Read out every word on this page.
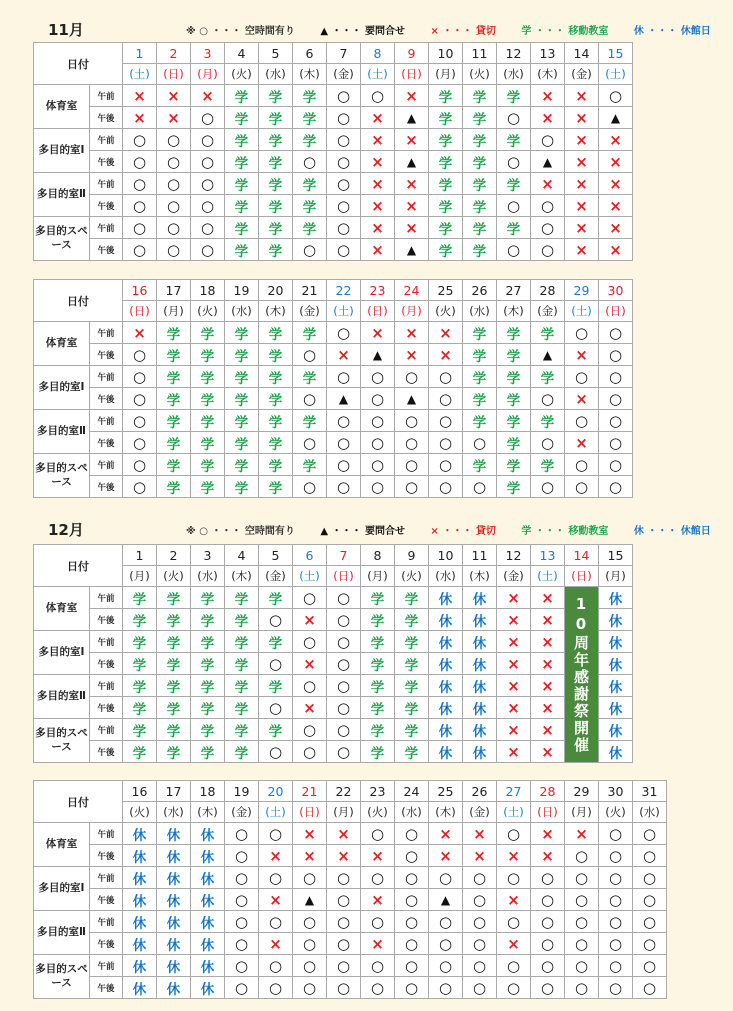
11月	※ ○ ・・・ 空時間有り	▲ ・・・ 要問合せ	× ・・・ 貸切	学 ・・・ 移動教室	休 ・・・ 休館日
日付		1	2	3	4	5	6	7	8	9	10	11	12	13	14	15
		(土)	(日)	(月)	(火)	(水)	(木)	(金)	(土)	(日)	(月)	(火)	(水)	(木)	(金)	(土)
体育室	午前	×	×	×	学	学	学	○	○	×	学	学	学	×	×	○
	午後	×	×	○	学	学	学	○	×	▲	学	学	○	×	×	▲
多目的室Ⅰ	午前	○	○	○	学	学	学	○	×	×	学	学	学	○	×	×
	午後	○	○	○	学	学	○	○	×	▲	学	学	○	▲	×	×
多目的室Ⅱ	午前	○	○	○	学	学	学	○	×	×	学	学	学	×	×	×
	午後	○	○	○	学	学	学	○	×	×	学	学	○	○	×	×
多目的スペース	午前	○	○	○	学	学	学	○	×	×	学	学	学	○	×	×
	午後	○	○	○	学	学	○	○	×	▲	学	学	○	○	×	×
日付		16	17	18	19	20	21	22	23	24	25	26	27	28	29	30
		(日)	(月)	(火)	(水)	(木)	(金)	(土)	(日)	(月)	(火)	(水)	(木)	(金)	(土)	(日)
体育室	午前	×	学	学	学	学	学	○	×	×	×	学	学	学	○	○
	午後	○	学	学	学	学	○	×	▲	×	×	学	学	▲	×	○
多目的室Ⅰ	午前	○	学	学	学	学	学	○	○	○	○	学	学	学	○	○
	午後	○	学	学	学	学	○	▲	○	▲	○	学	学	○	×	○
多目的室Ⅱ	午前	○	学	学	学	学	学	○	○	○	○	学	学	学	○	○
	午後	○	学	学	学	学	○	○	○	○	○	○	学	○	×	○
多目的スペース	午前	○	学	学	学	学	学	○	○	○	○	学	学	学	○	○
	午後	○	学	学	学	学	○	○	○	○	○	○	学	○	○	○
12月	※ ○ ・・・ 空時間有り	▲ ・・・ 要問合せ	× ・・・ 貸切	学 ・・・ 移動教室	休 ・・・ 休館日
日付		1	2	3	4	5	6	7	8	9	10	11	12	13	14	15
		(月)	(火)	(水)	(木)	(金)	(土)	(日)	(月)	(火)	(水)	(木)	(金)	(土)	(日)	(月)
体育室	午前	学	学	学	学	学	○	○	学	学	休	休	×	×	10周年感謝祭開催	休
	午後	学	学	学	学	○	×	○	学	学	休	休	×	×		休
多目的室Ⅰ	午前	学	学	学	学	学	○	○	学	学	休	休	×	×		休
	午後	学	学	学	学	○	×	○	学	学	休	休	×	×		休
多目的室Ⅱ	午前	学	学	学	学	学	○	○	学	学	休	休	×	×		休
	午後	学	学	学	学	○	×	○	学	学	休	休	×	×		休
多目的スペース	午前	学	学	学	学	学	○	○	学	学	休	休	×	×		休
	午後	学	学	学	学	○	○	○	学	学	休	休	×	×		休
日付		16	17	18	19	20	21	22	23	24	25	26	27	28	29	30	31
		(火)	(水)	(木)	(金)	(土)	(日)	(月)	(火)	(水)	(木)	(金)	(土)	(日)	(月)	(火)	(水)
体育室	午前	休	休	休	○	○	×	×	○	○	×	×	○	×	×	○	○
	午後	休	休	休	○	×	×	×	×	○	×	×	×	×	○	○	○
多目的室Ⅰ	午前	休	休	休	○	○	○	○	○	○	○	○	○	○	○	○	○
	午後	休	休	休	○	×	▲	○	×	○	▲	○	×	○	○	○	○
多目的室Ⅱ	午前	休	休	休	○	○	○	○	○	○	○	○	○	○	○	○	○
	午後	休	休	休	○	×	○	○	×	○	○	○	×	○	○	○	○
多目的スペース	午前	休	休	休	○	○	○	○	○	○	○	○	○	○	○	○	○
	午後	休	休	休	○	○	○	○	○	○	○	○	○	○	○	○	○
